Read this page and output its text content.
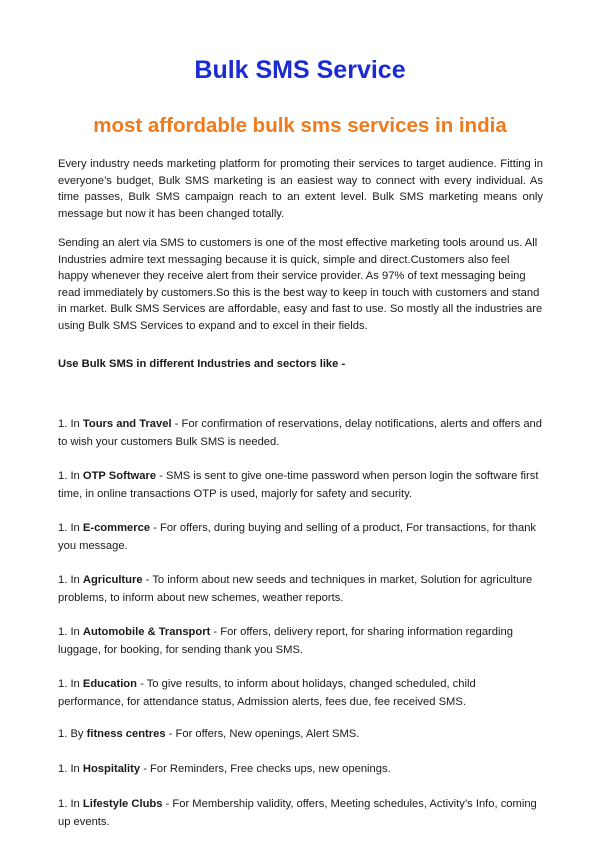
Bulk SMS Service
most affordable bulk sms services in india

Every industry needs marketing platform for promoting their services to target audience. Fitting in everyone’s budget, Bulk SMS marketing is an easiest way to connect with every individual. As time passes, Bulk SMS campaign reach to an extent level. Bulk SMS marketing means only message but now it has been changed totally.

Sending an alert via SMS to customers is one of the most effective marketing tools around us. All Industries admire text messaging because it is quick, simple and direct.Customers also feel happy whenever they receive alert from their service provider. As 97% of text messaging being read immediately by customers.So this is the best way to keep in touch with customers and stand in market. Bulk SMS Services are affordable, easy and fast to use. So mostly all the industries are using Bulk SMS Services to expand and to excel in their fields.

Use Bulk SMS in different Industries and sectors like -

1. In Tours and Travel - For confirmation of reservations, delay notifications, alerts and offers and to wish your customers Bulk SMS is needed.

1. In OTP Software - SMS is sent to give one-time password when person login the software first time, in online transactions OTP is used, majorly for safety and security.

1. In E-commerce - For offers, during buying and selling of a product, For transactions, for thank you message.

1. In Agriculture - To inform about new seeds and techniques in market, Solution for agriculture problems, to inform about new schemes, weather reports.

1. In Automobile & Transport - For offers, delivery report, for sharing information regarding luggage, for booking, for sending thank you SMS.

1. In Education - To give results, to inform about holidays, changed scheduled, child performance, for attendance status, Admission alerts, fees due, fee received SMS.

1. By fitness centres - For offers, New openings, Alert SMS.

1. In Hospitality - For Reminders, Free checks ups, new openings.

1. In Lifestyle Clubs - For Membership validity, offers, Meeting schedules, Activity’s Info, coming up events.
